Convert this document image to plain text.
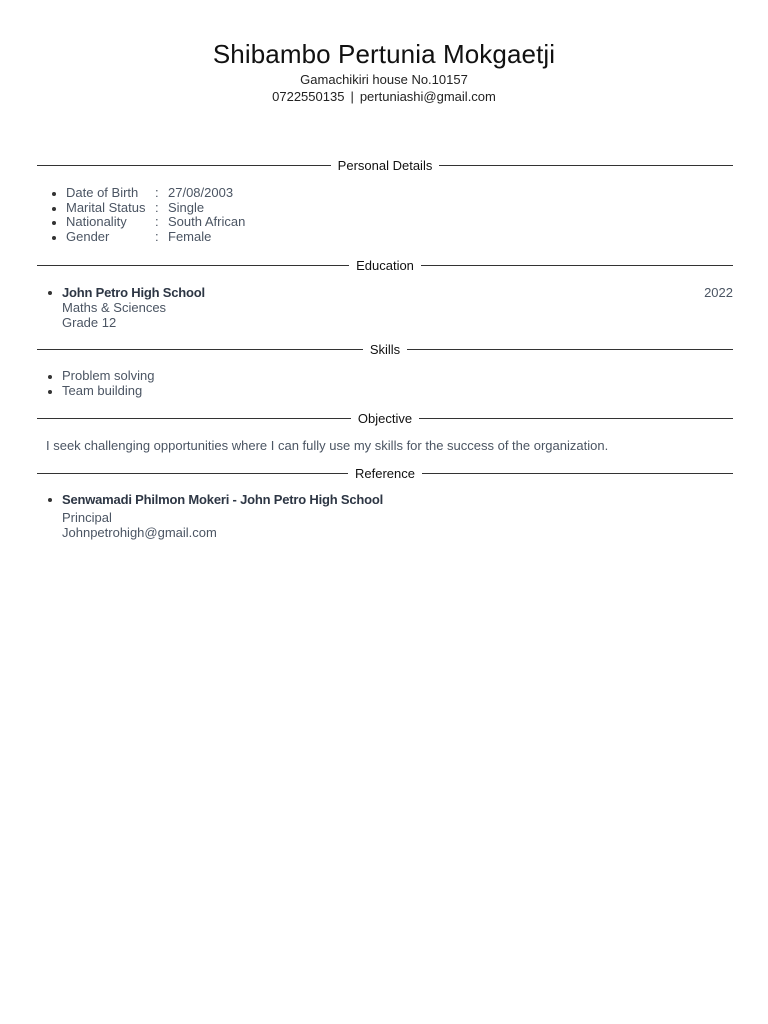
Shibambo Pertunia Mokgaetji
Gamachikiri house No.10157
0722550135 | pertuniashi@gmail.com
Personal Details
Date of Birth : 27/08/2003
Marital Status : Single
Nationality : South African
Gender	: Female
Education
John Petro High School	2022
Maths & Sciences
Grade 12
Skills
Problem solving
Team building
Objective
I seek challenging opportunities where I can fully use my skills for the success of the organization.
Reference
Senwamadi Philmon Mokeri - John Petro High School
Principal
Johnpetrohigh@gmail.com
